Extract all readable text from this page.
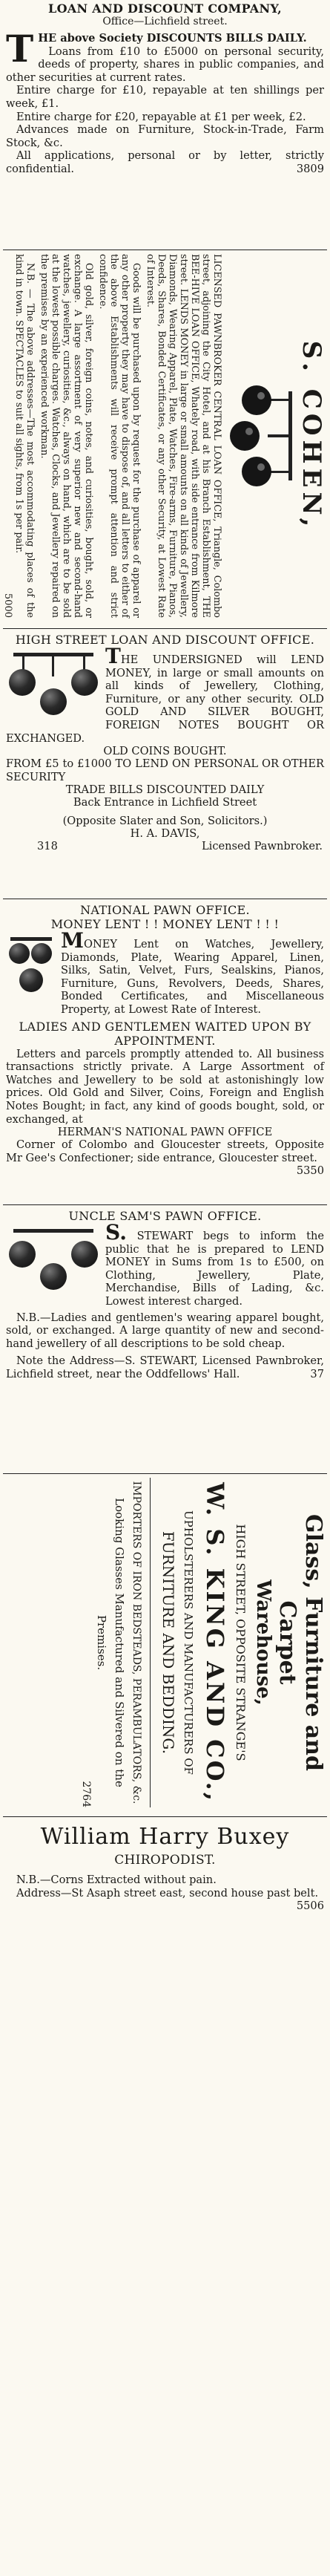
LOAN AND DISCOUNT COMPANY,
Office—Lichfield street.

THE above Society DISCOUNTS BILLS DAILY.

Loans from £10 to £5000 on personal security, deeds of property, shares in public companies, and other securities at current rates.

Entire charge for £10, repayable at ten shillings per week, £1.

Entire charge for £20, repayable at £1 per week, £2.

Advances made on Furniture, Stock-in-Trade, Farm Stock, &c.

All applications, personal or by letter, strictly confidential.	3809

S. COHEN,

LICENSED PAWNBROKER CENTRAL LOAN OFFICE, Triangle, Colombo street, adjoining the City Hotel, and at his Branch Establishment, THE BEE-HIVE LOAN OFFICE, Whately road, with side entrance from Kilmore street. LENDS MONEY in large or small amounts on all kinds of Jewellery, Diamonds, Wearing Apparel, Plate, Watches, Fire-arms, Furniture, Pianos, Deeds, Shares, Bonded Certificates, or any other Security, at Lowest Rate of Interest.

Goods will be purchased upon by request for the purchase of apparel or any other property they may have to dispose of, and all letters to either of the above Establishments will receive prompt attention and strict confidence.

Old gold, silver, foreign coins, notes, and curiosities, bought, sold, or exchange. A large assortment of very superior new and second-hand watches, jewellery, curiosities, &c., always on hand, which are to be sold at the lowest possible charges. Watches, Clocks, and Jewellery repaired on the premises by an experienced workman.

N.B. — The above addresses—The most accommodating places of the kind in town. SPECTACLES to suit all sights, from 1s per pair.

5000
HIGH STREET LOAN AND DISCOUNT OFFICE.

THE UNDERSIGNED will LEND MONEY, in large or small amounts on all kinds of Jewellery, Clothing, Furniture, or any other security. OLD GOLD AND SILVER BOUGHT, FOREIGN NOTES BOUGHT OR EXCHANGED.

OLD COINS BOUGHT.

FROM £5 to £1000 TO LEND ON PERSONAL OR OTHER SECURITY

TRADE BILLS DISCOUNTED DAILY
Back Entrance in Lichfield Street
(Opposite Slater and Son, Solicitors.)
H. A. DAVIS,
318	Licensed Pawnbroker.
NATIONAL PAWN OFFICE.
MONEY LENT ! ! MONEY LENT ! ! !

MONEY Lent on Watches, Jewellery, Diamonds, Plate, Wearing Apparel, Linen, Silks, Satin, Velvet, Furs, Sealskins, Pianos, Furniture, Guns, Revolvers, Deeds, Shares, Bonded Certificates, and Miscellaneous Property, at Lowest Rate of Interest.

LADIES AND GENTLEMEN WAITED UPON BY APPOINTMENT.

Letters and parcels promptly attended to. All business transactions strictly private. A Large Assortment of Watches and Jewellery to be sold at astonishingly low prices. Old Gold and Silver, Coins, Foreign and English Notes Bought; in fact, any kind of goods bought, sold, or exchanged, at

HERMAN'S NATIONAL PAWN OFFICE

Corner of Colombo and Gloucester streets, Opposite Mr Gee's Confectioner; side entrance, Gloucester street.
5350

UNCLE SAM'S PAWN OFFICE.

S. STEWART begs to inform the public that he is prepared to LEND MONEY in Sums from 1s to £500, on Clothing, Jewellery, Plate, Merchandise, Bills of Lading, &c. Lowest interest charged.

N.B.—Ladies and gentlemen's wearing apparel bought, sold, or exchanged. A large quantity of new and second-hand jewellery of all descriptions to be sold cheap.

Note the Address—S. STEWART, Licensed Pawnbroker, Lichfield street, near the Oddfellows' Hall.	37

Glass, Furniture and Carpet
Warehouse,
HIGH STREET, OPPOSITE STRANGE'S
W. S. KING AND CO.,
UPHOLSTERERS AND MANUFACTURERS OF
FURNITURE AND BEDDING.
IMPORTERS OF IRON BEDSTEADS, PERAMBULATORS, &c.
Looking Glasses Manufactured and Silvered on the
Premises.
2764
William Harry Buxey
CHIROPODIST.

N.B.—Corns Extracted without pain.

Address—St Asaph street east, second house past belt.
5506
